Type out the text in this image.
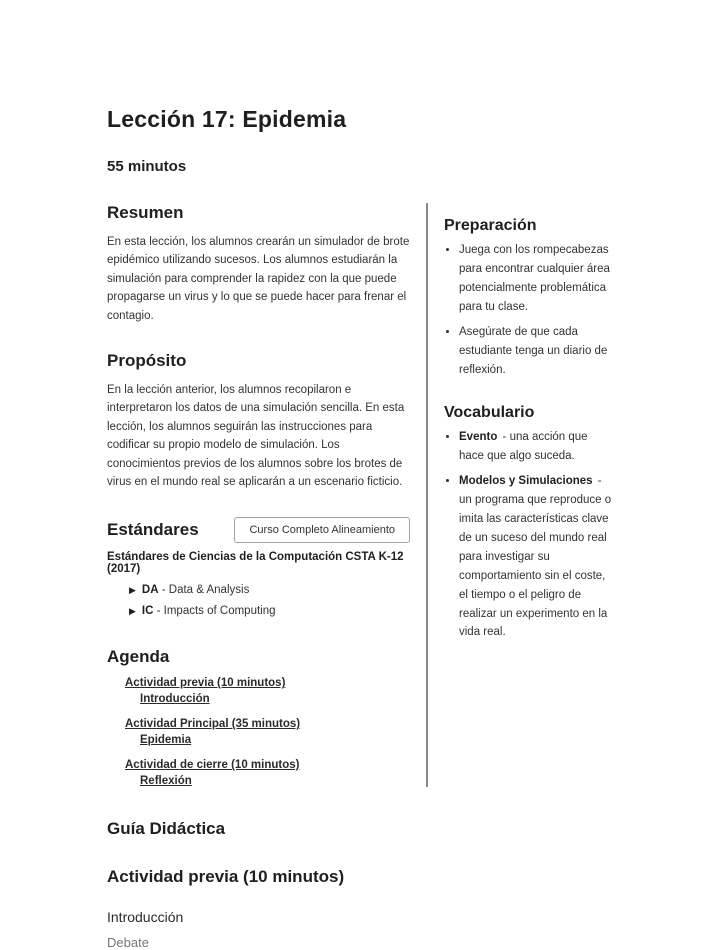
Lección 17: Epidemia
55 minutos
Resumen

En esta lección, los alumnos crearán un simulador de brote epidémico utilizando sucesos. Los alumnos estudiarán la simulación para comprender la rapidez con la que puede propagarse un virus y lo que se puede hacer para frenar el contagio.

Propósito

En la lección anterior, los alumnos recopilaron e interpretaron los datos de una simulación sencilla. En esta lección, los alumnos seguirán las instrucciones para codificar su propio modelo de simulación. Los conocimientos previos de los alumnos sobre los brotes de virus en el mundo real se aplicarán a un escenario ficticio.

Estándares	Curso Completo Alineamiento
Estándares de Ciencias de la Computación CSTA K-12 (2017)
▶ DA - Data & Analysis
▶ IC - Impacts of Computing
Agenda
Actividad previa (10 minutos)
Introducción
Actividad Principal (35 minutos)
Epidemia
Actividad de cierre (10 minutos)
Reflexión
Preparación
• Juega con los rompecabezas para encontrar cualquier área potencialmente problemática para tu clase.
• Asegúrate de que cada estudiante tenga un diario de reflexión.
Vocabulario
• Evento - una acción que hace que algo suceda.
• Modelos y Simulaciones - un programa que reproduce o imita las características clave de un suceso del mundo real para investigar su comportamiento sin el coste, el tiempo o el peligro de realizar un experimento en la vida real.
Guía Didáctica
Actividad previa (10 minutos)
Introducción
Debate
